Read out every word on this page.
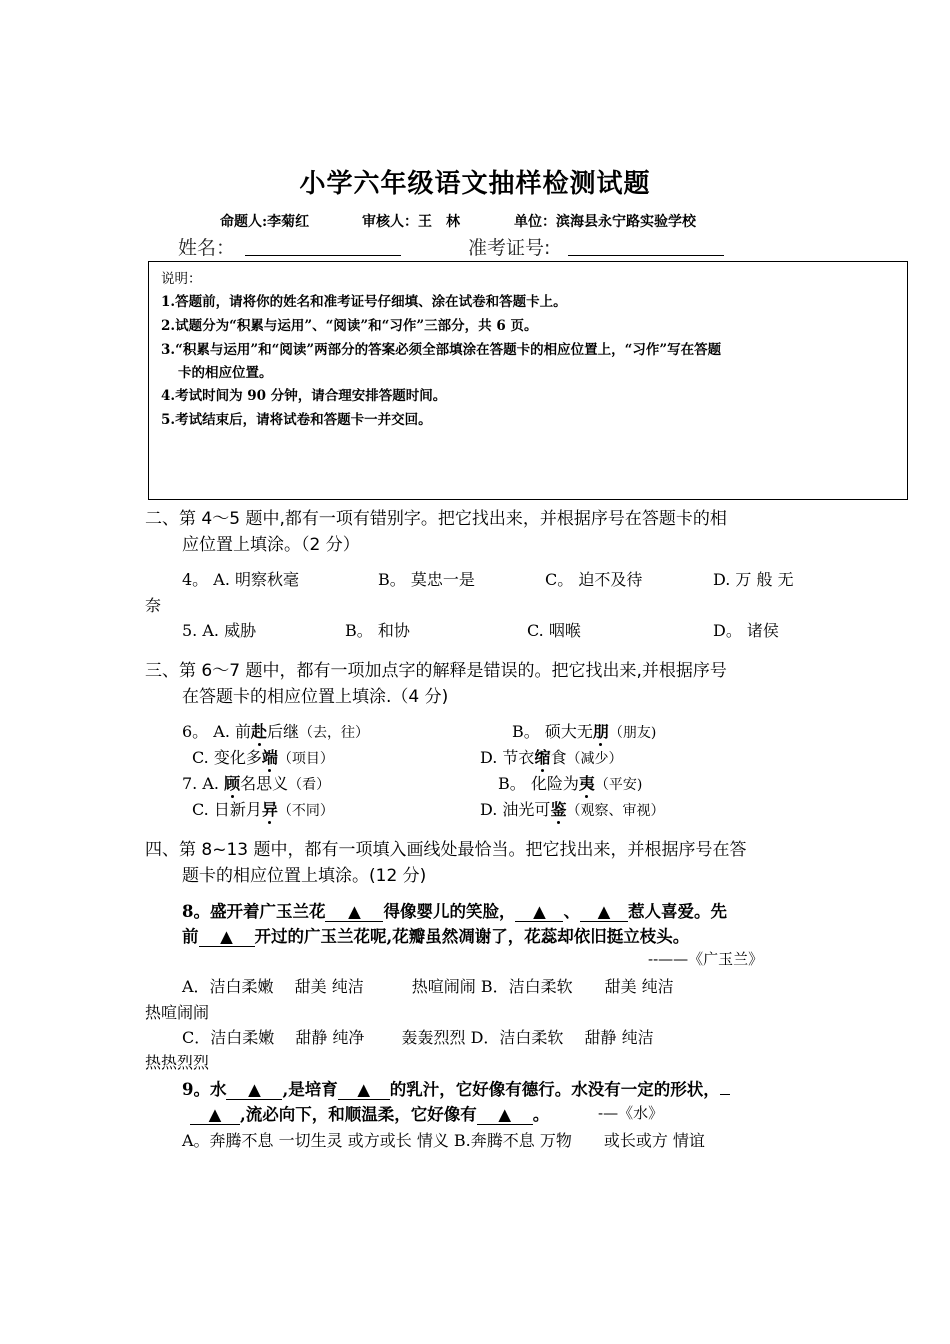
小学六年级语文抽样检测试题
命题人:李菊红	审核人：王　林	单位：滨海县永宁路实验学校
姓名：	准考证号:
说明：
1.答题前，请将你的姓名和准考证号仔细填、涂在试卷和答题卡上。
2.试题分为“积累与运用”、“阅读”和“习作”三部分，共 6 页。
3.“积累与运用”和“阅读”两部分的答案必须全部填涂在答题卡的相应位置上，“习作”写在答题
卡的相应位置。
4.考试时间为 90 分钟，请合理安排答题时间。
5.考试结束后，请将试卷和答题卡一并交回。
二、第 4～5 题中,都有一项有错别字。把它找出来，并根据序号在答题卡的相
应位置上填涂。（2 分）
4。 A. 明察秋毫	B。 莫忠一是	C。 迫不及待	D. 万 般 无
奈
5. A. 威胁	B。 和协	C. 咽喉	D。 诸侯
三、第 6～7 题中，都有一项加点字的解释是错误的。把它找出来,并根据序号
在答题卡的相应位置上填涂.（4 分)
6。 A. 前赴后继（去，往）	B。 硕大无朋（朋友)
C. 变化多端（项目）	D. 节衣缩食（减少）
7. A. 顾名思义（看）	B。 化险为夷（平安)
C. 日新月异（不同）	D. 油光可鉴（观察、审视）
四、第 8~13 题中，都有一项填入画线处最恰当。把它找出来，并根据序号在答
题卡的相应位置上填涂。(12 分)
8。盛开着广玉兰花 ▲ 得像婴儿的笑脸， ▲ 、 ▲ 惹人喜爱。先
前 ▲ 开过的广玉兰花呢,花瓣虽然凋谢了，花蕊却依旧挺立枝头。
--——《广玉兰》
A．洁白柔嫩　 甜美 纯洁　　　热喧闹闹 B．洁白柔软　　甜美 纯洁
热喧闹闹
C．洁白柔嫩　 甜静 纯净　　 轰轰烈烈 D．洁白柔软　 甜静 纯洁
热热烈烈
9。水 ▲ ,是培育 ▲ 的乳汁，它好像有德行。水没有一定的形状，
▲ ,流必向下，和顺温柔，它好像有 ▲ 。	-—《水》
A。奔腾不息 一切生灵 或方或长 情义 B.奔腾不息 万物　　或长或方 情谊
